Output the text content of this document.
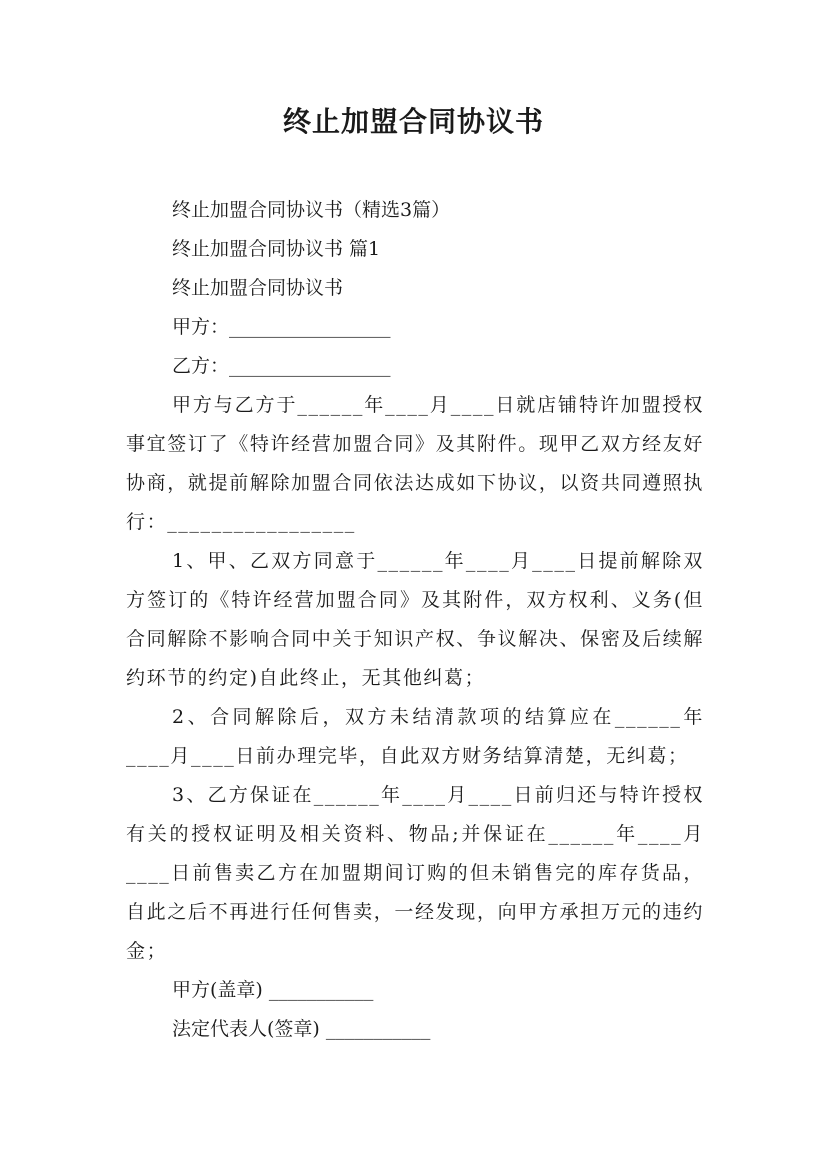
终止加盟合同协议书

终止加盟合同协议书（精选3篇）

终止加盟合同协议书 篇1

终止加盟合同协议书

甲方：_________________

乙方：_________________

甲方与乙方于______年____月____日就店铺特许加盟授权事宜签订了《特许经营加盟合同》及其附件。现甲乙双方经友好协商，就提前解除加盟合同依法达成如下协议，以资共同遵照执行：_________________

1、甲、乙双方同意于______年____月____日提前解除双方签订的《特许经营加盟合同》及其附件，双方权利、义务(但合同解除不影响合同中关于知识产权、争议解决、保密及后续解约环节的约定)自此终止，无其他纠葛；

2、合同解除后，双方未结清款项的结算应在______年____月____日前办理完毕，自此双方财务结算清楚，无纠葛；

3、乙方保证在______年____月____日前归还与特许授权有关的授权证明及相关资料、物品;并保证在______年____月____日前售卖乙方在加盟期间订购的但未销售完的库存货品，自此之后不再进行任何售卖，一经发现，向甲方承担万元的违约金；

甲方(盖章) ___________

法定代表人(签章) ___________
